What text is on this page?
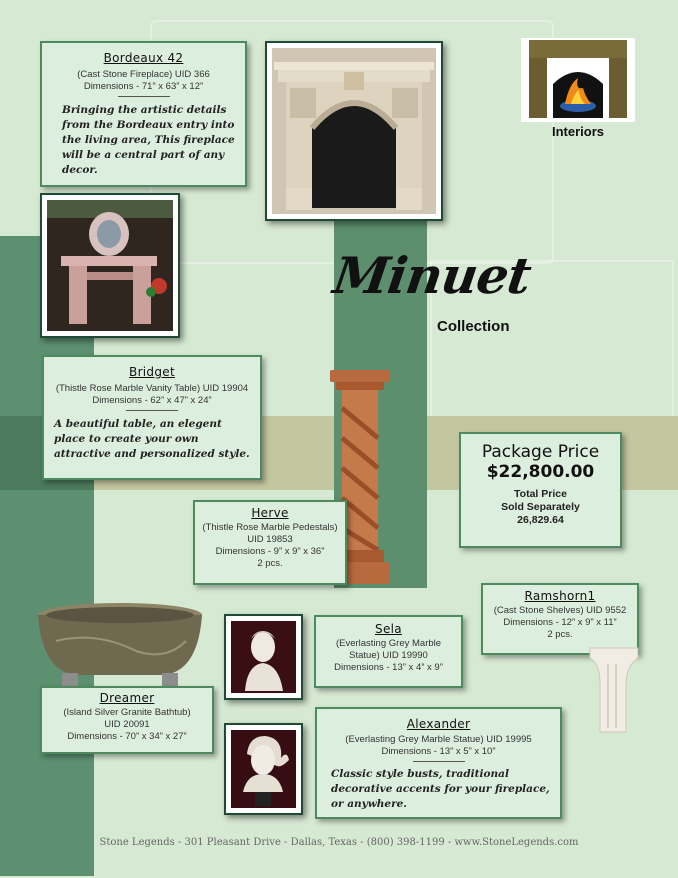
Bordeaux 42
(Cast Stone Fireplace) UID 366
Dimensions - 71” x 63” x 12”
Bringing the artistic details from the Bordeaux entry into the living area, This fireplace will be a central part of any decor.
Interiors
Minuet
Collection
Bridget
(Thistle Rose Marble Vanity Table) UID 19904
Dimensions - 62” x 47” x 24”
A beautiful table, an elegent place to create your own attractive and personalized style.	Package Price
$22,800.00
Total Price
Sold Separately
26,829.64
Herve
(Thistle Rose Marble Pedestals)
UID 19853
Dimensions - 9” x 9” x 36”
2 pcs.
Ramshorn1
(Cast Stone Shelves) UID 9552
Dimensions - 12” x 9” x 11”
2 pcs.
Sela
(Everlasting Grey Marble
Statue) UID 19990
Dimensions - 13” x 4” x 9”
Dreamer
(Island Silver Granite Bathtub)
UID 20091
Dimensions - 70” x 34” x 27”
Alexander
(Everlasting Grey Marble Statue) UID 19995
Dimensions - 13” x 5” x 10”
Classic style busts, traditional decorative accents for your fireplace, or anywhere.
Stone Legends - 301 Pleasant Drive - Dallas, Texas - (800) 398-1199 - www.StoneLegends.com
